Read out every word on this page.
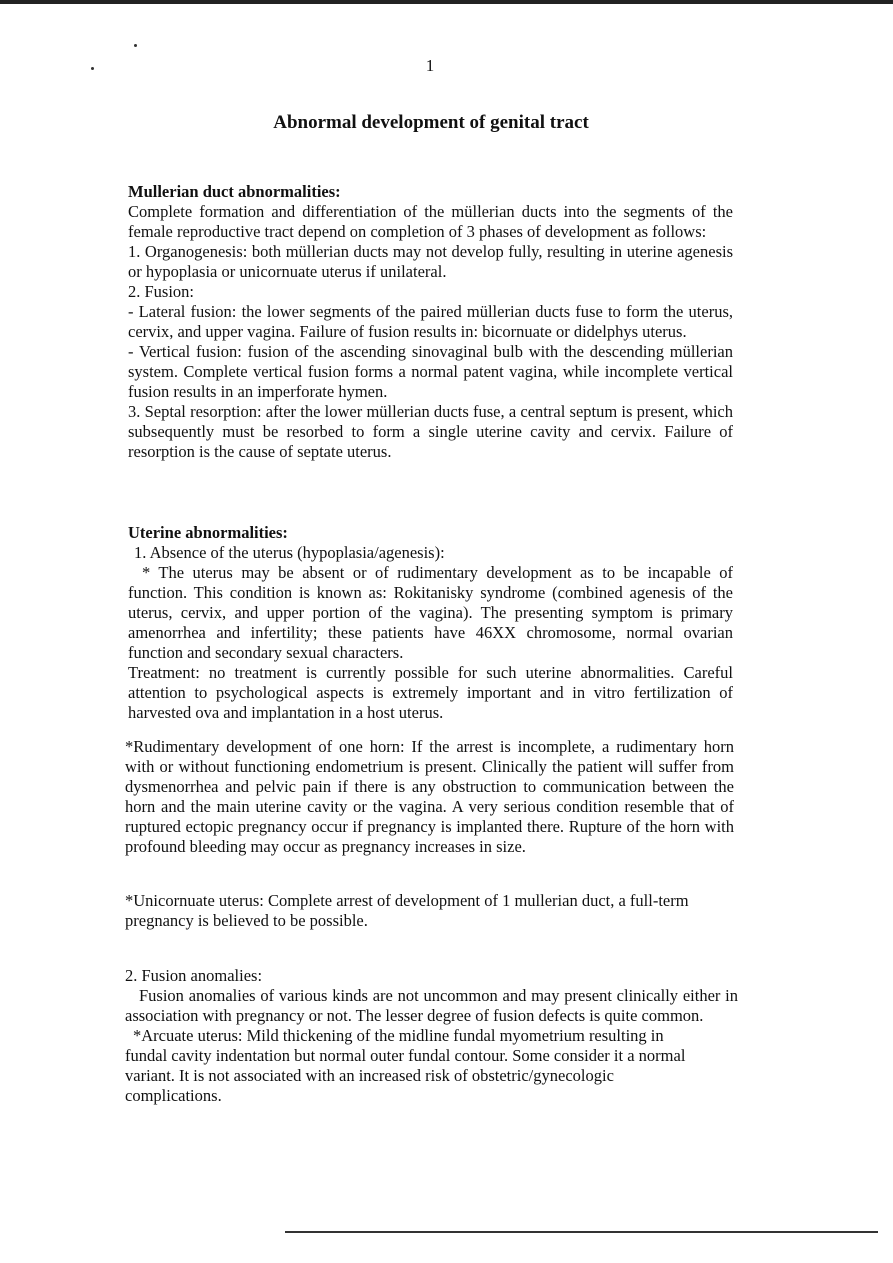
1
Abnormal development of genital tract

Mullerian duct abnormalities:

Complete formation and differentiation of the müllerian ducts into the segments of the female reproductive tract depend on completion of 3 phases of development as follows:

1. Organogenesis: both müllerian ducts may not develop fully, resulting in uterine agenesis or hypoplasia or unicornuate uterus if unilateral.

2. Fusion:

- Lateral fusion: the lower segments of the paired müllerian ducts fuse to form the uterus, cervix, and upper vagina. Failure of fusion results in: bicornuate or didelphys uterus.

- Vertical fusion: fusion of the ascending sinovaginal bulb with the descending müllerian system. Complete vertical fusion forms a normal patent vagina, while incomplete vertical fusion results in an imperforate hymen.

3. Septal resorption: after the lower müllerian ducts fuse, a central septum is present, which subsequently must be resorbed to form a single uterine cavity and cervix. Failure of resorption is the cause of septate uterus.

Uterine abnormalities:

1. Absence of the uterus (hypoplasia/agenesis):

* The uterus may be absent or of rudimentary development as to be incapable of function. This condition is known as: Rokitanisky syndrome (combined agenesis of the uterus, cervix, and upper portion of the vagina). The presenting symptom is primary amenorrhea and infertility; these patients have 46XX chromosome, normal ovarian function and secondary sexual characters.

Treatment: no treatment is currently possible for such uterine abnormalities. Careful attention to psychological aspects is extremely important and in vitro fertilization of harvested ova and implantation in a host uterus.

*Rudimentary development of one horn: If the arrest is incomplete, a rudimentary horn with or without functioning endometrium is present. Clinically the patient will suffer from dysmenorrhea and pelvic pain if there is any obstruction to communication between the horn and the main uterine cavity or the vagina. A very serious condition resemble that of ruptured ectopic pregnancy occur if pregnancy is implanted there. Rupture of the horn with profound bleeding may occur as pregnancy increases in size.
*Unicornuate uterus: Complete arrest of development of 1 mullerian duct, a full-term pregnancy is believed to be possible.

2. Fusion anomalies:

Fusion anomalies of various kinds are not uncommon and may present clinically either in association with pregnancy or not. The lesser degree of fusion defects is quite common.

*Arcuate uterus: Mild thickening of the midline fundal myometrium resulting in

fundal cavity indentation but normal outer fundal contour. Some consider it a normal

variant. It is not associated with an increased risk of obstetric/gynecologic

complications.
